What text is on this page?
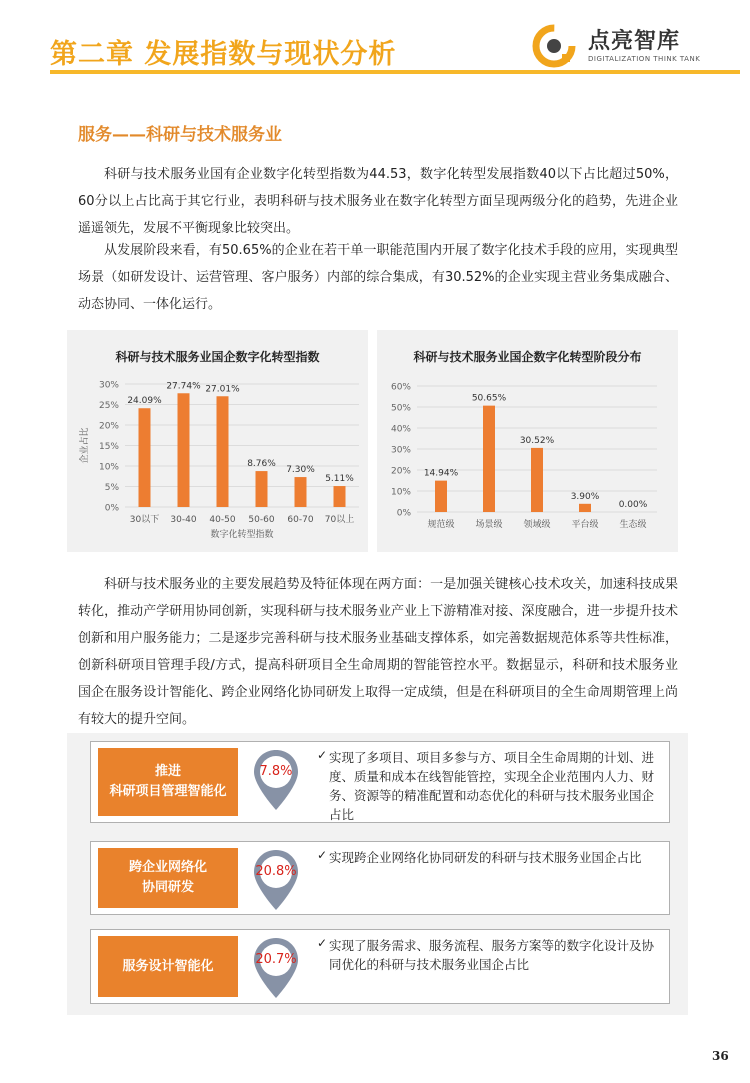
第二章 发展指数与现状分析	点亮智库
DIGITALIZATION THINK TANK
服务——科研与技术服务业

科研与技术服务业国有企业数字化转型指数为44.53，数字化转型发展指数40以下占比超过50%，60分以上占比高于其它行业，表明科研与技术服务业在数字化转型方面呈现两级分化的趋势，先进企业遥遥领先，发展不平衡现象比较突出。

从发展阶段来看，有50.65%的企业在若干单一职能范围内开展了数字化技术手段的应用，实现典型场景（如研发设计、运营管理、客户服务）内部的综合集成，有30.52%的企业实现主营业务集成融合、动态协同、一体化运行。

0%
5%
10%
15%
20%
25%
30%
24.09%
30以下
27.74%
30-40
27.01%
40-50
8.76%
50-60
7.30%
60-70
5.11%
70以上
数字化转型指数
企业占比
科研与技术服务业国企数字化转型指数
0%
10%
20%
30%
40%
50%
60%
14.94%
规范级
50.65%
场景级
30.52%
领域级
3.90%
平台级
0.00%
生态级
科研与技术服务业国企数字化转型阶段分布

科研与技术服务业的主要发展趋势及特征体现在两方面：一是加强关键核心技术攻关，加速科技成果转化，推动产学研用协同创新，实现科研与技术服务业产业上下游精准对接、深度融合，进一步提升技术创新和用户服务能力；二是逐步完善科研与技术服务业基础支撑体系，如完善数据规范体系等共性标准，创新科研项目管理手段/方式，提高科研项目全生命周期的智能管控水平。数据显示，科研和技术服务业国企在服务设计智能化、跨企业网络化协同研发上取得一定成绩，但是在科研项目的全生命周期管理上尚有较大的提升空间。

推进
科研项目管理智能化
7.8%
✓ 实现了多项目、项目多参与方、项目全生命周期的计划、进度、质量和成本在线智能管控，实现全企业范围内人力、财务、资源等的精准配置和动态优化的科研与技术服务业国企占比
跨企业网络化
协同研发
20.8%
✓ 实现跨企业网络化协同研发的科研与技术服务业国企占比
服务设计智能化	20.7%
✓ 实现了服务需求、服务流程、服务方案等的数字化设计及协同优化的科研与技术服务业国企占比
36
